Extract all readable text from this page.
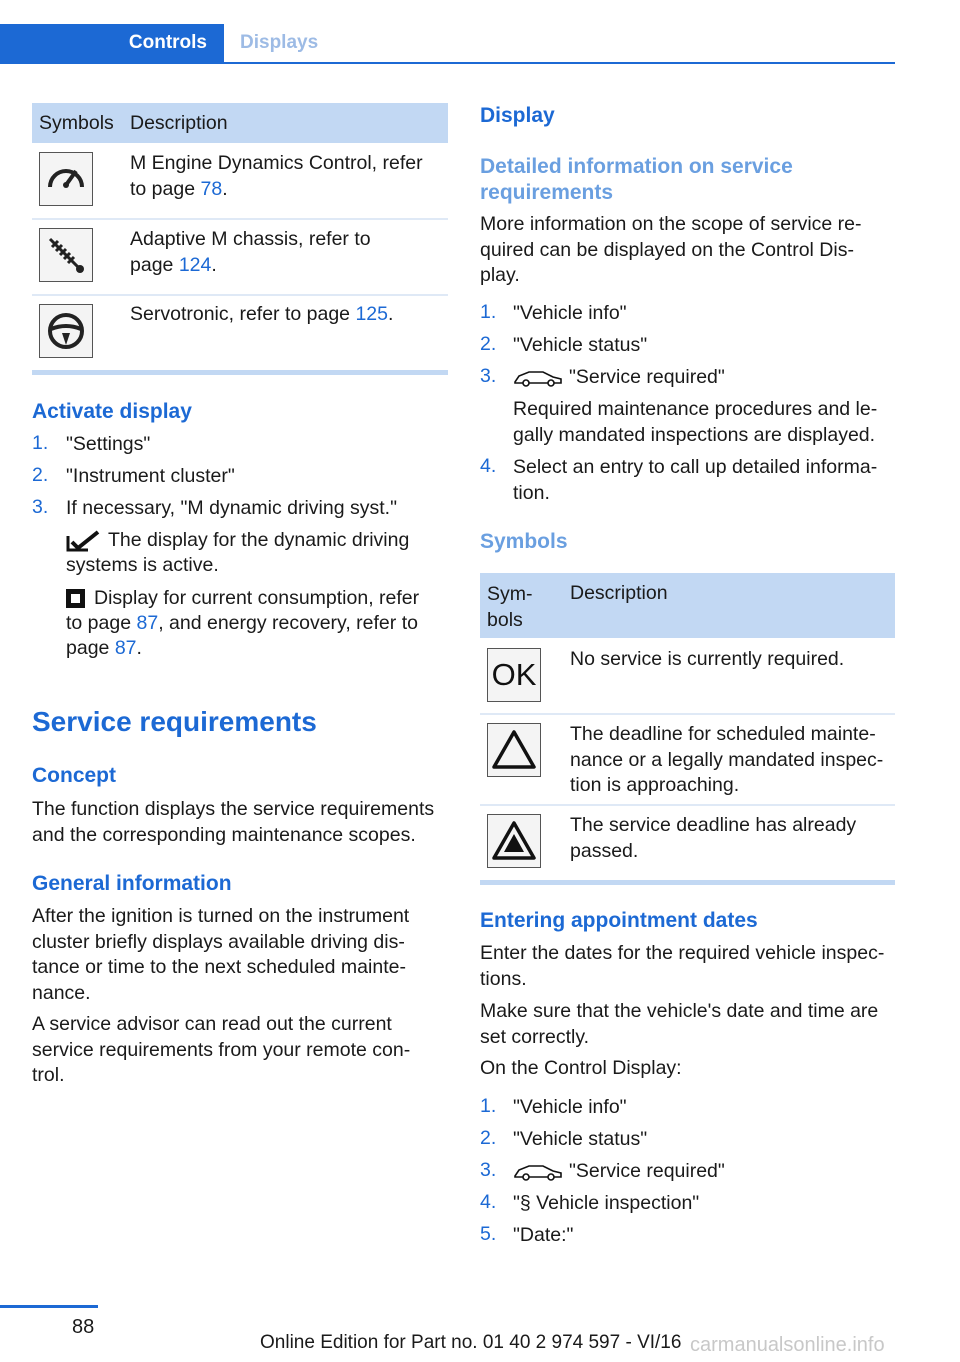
Controls	Displays
Symbols Description
M Engine Dynamics Control, refer
to page 78.
Adaptive M chassis, refer to
page 124.
Servotronic, refer to page 125.
Activate display
1. "Settings"
2. "Instrument cluster"
3. If necessary, "M dynamic driving syst."
The display for the dynamic driving
systems is active.
Display for current consumption, refer
to page 87, and energy recovery, refer to
page 87.
Service requirements
Concept
The function displays the service requirements
and the corresponding maintenance scopes.
General information
After the ignition is turned on the instrument
cluster briefly displays available driving dis-
tance or time to the next scheduled mainte-
nance.
A service advisor can read out the current
service requirements from your remote con-
trol.
Display
Detailed information on service
requirements
More information on the scope of service re-
quired can be displayed on the Control Dis-
play.
1. "Vehicle info"
2. "Vehicle status"
3.	"Service required"
Required maintenance procedures and le-
gally mandated inspections are displayed.
4. Select an entry to call up detailed informa-
tion.
Symbols
Sym-
bols
Description
OK No service is currently required.
The deadline for scheduled mainte-
nance or a legally mandated inspec-
tion is approaching.
The service deadline has already
passed.
Entering appointment dates
Enter the dates for the required vehicle inspec-
tions.
Make sure that the vehicle's date and time are
set correctly.
On the Control Display:
1. "Vehicle info"
2. "Vehicle status"
3.	"Service required"
4. "§ Vehicle inspection"
5. "Date:"
88
Online Edition for Part no. 01 40 2 974 597 - VI/16 carmanualsonline.info
